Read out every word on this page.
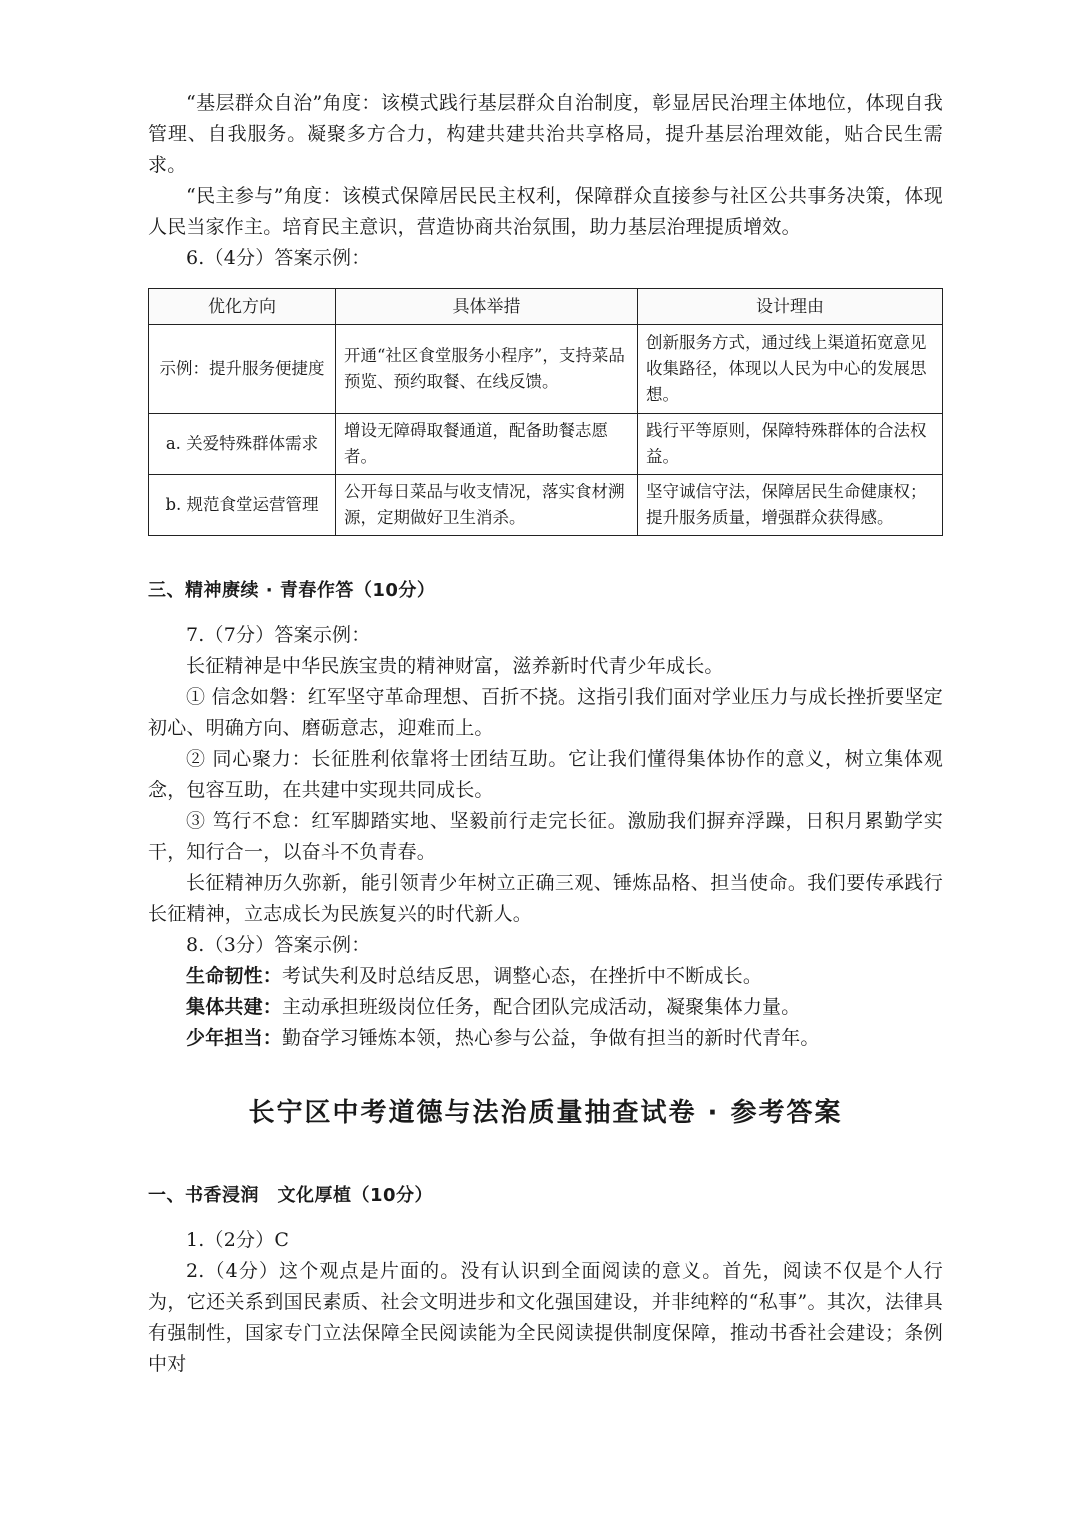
“基层群众自治”角度：该模式践行基层群众自治制度，彰显居民治理主体地位，体现自我管理、自我服务。凝聚多方合力，构建共建共治共享格局，提升基层治理效能，贴合民生需求。

“民主参与”角度：该模式保障居民民主权利，保障群众直接参与社区公共事务决策，体现人民当家作主。培育民主意识，营造协商共治氛围，助力基层治理提质增效。

6.（4分）答案示例：

优化方向	具体举措	设计理由
示例：提升服务便捷度	开通“社区食堂服务小程序”，支持菜品预览、预约取餐、在线反馈。	创新服务方式，通过线上渠道拓宽意见收集路径，体现以人民为中心的发展思想。
a. 关爱特殊群体需求	增设无障碍取餐通道，配备助餐志愿者。	践行平等原则，保障特殊群体的合法权益。
b. 规范食堂运营管理	公开每日菜品与收支情况，落实食材溯源，定期做好卫生消杀。	坚守诚信守法，保障居民生命健康权；提升服务质量，增强群众获得感。
三、精神赓续 · 青春作答（10分）

7.（7分）答案示例：

长征精神是中华民族宝贵的精神财富，滋养新时代青少年成长。

① 信念如磐：红军坚守革命理想、百折不挠。这指引我们面对学业压力与成长挫折要坚定初心、明确方向、磨砺意志，迎难而上。

② 同心聚力：长征胜利依靠将士团结互助。它让我们懂得集体协作的意义，树立集体观念，包容互助，在共建中实现共同成长。

③ 笃行不怠：红军脚踏实地、坚毅前行走完长征。激励我们摒弃浮躁，日积月累勤学实干，知行合一，以奋斗不负青春。

长征精神历久弥新，能引领青少年树立正确三观、锤炼品格、担当使命。我们要传承践行长征精神，立志成长为民族复兴的时代新人。

8.（3分）答案示例：

生命韧性：考试失利及时总结反思，调整心态，在挫折中不断成长。

集体共建：主动承担班级岗位任务，配合团队完成活动，凝聚集体力量。

少年担当：勤奋学习锤炼本领，热心参与公益，争做有担当的新时代青年。

长宁区中考道德与法治质量抽查试卷 · 参考答案
一、书香浸润　文化厚植（10分）

1.（2分）C

2.（4分）这个观点是片面的。没有认识到全面阅读的意义。首先，阅读不仅是个人行为，它还关系到国民素质、社会文明进步和文化强国建设，并非纯粹的“私事”。其次，法律具有强制性，国家专门立法保障全民阅读能为全民阅读提供制度保障，推动书香社会建设；条例中对
